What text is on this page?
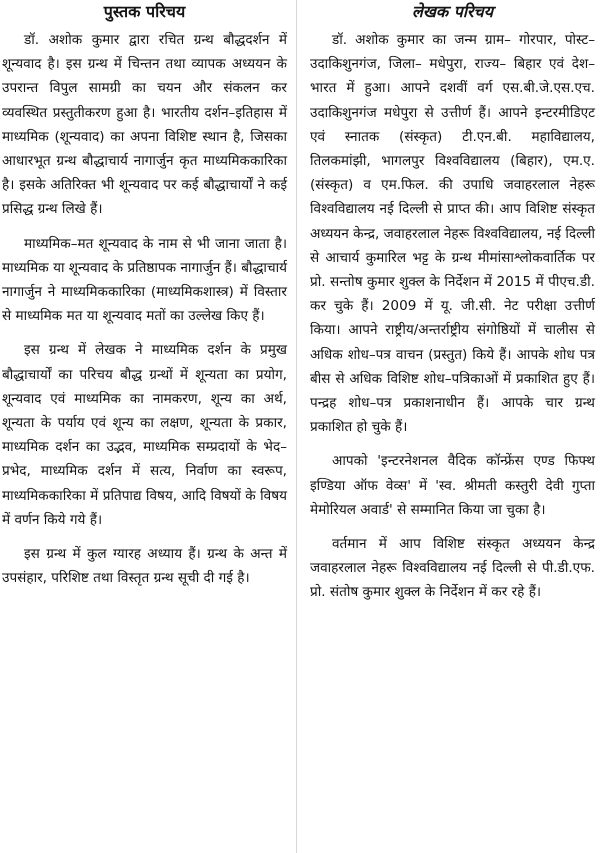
पुस्तक परिचय

डॉ. अशोक कुमार द्वारा रचित ग्रन्थ बौद्धदर्शन में शून्यवाद है। इस ग्रन्थ में चिन्तन तथा व्यापक अध्ययन के उपरान्त विपुल सामग्री का चयन और संकलन कर व्यवस्थित प्रस्तुतीकरण हुआ है। भारतीय दर्शन–इतिहास में माध्यमिक (शून्यवाद) का अपना विशिष्ट स्थान है, जिसका आधारभूत ग्रन्थ बौद्धाचार्य नागार्जुन कृत माध्यमिककारिका है। इसके अतिरिक्त भी शून्यवाद पर कई बौद्धाचार्यों ने कई प्रसिद्ध ग्रन्थ लिखे हैं।

माध्यमिक–मत शून्यवाद के नाम से भी जाना जाता है। माध्यमिक या शून्यवाद के प्रतिष्ठापक नागार्जुन हैं। बौद्धाचार्य नागार्जुन ने माध्यमिककारिका (माध्यमिकशास्त्र) में विस्तार से माध्यमिक मत या शून्यवाद मतों का उल्लेख किए हैं।

इस ग्रन्थ में लेखक ने माध्यमिक दर्शन के प्रमुख बौद्धाचार्यों का परिचय बौद्ध ग्रन्थों में शून्यता का प्रयोग, शून्यवाद एवं माध्यमिक का नामकरण, शून्य का अर्थ, शून्यता के पर्याय एवं शून्य का लक्षण, शून्यता के प्रकार, माध्यमिक दर्शन का उद्भव, माध्यमिक सम्प्रदायों के भेद–प्रभेद, माध्यमिक दर्शन में सत्य, निर्वाण का स्वरूप, माध्यमिककारिका में प्रतिपाद्य विषय, आदि विषयों के विषय में वर्णन किये गये हैं।

इस ग्रन्थ में कुल ग्यारह अध्याय हैं। ग्रन्थ के अन्त में उपसंहार, परिशिष्ट तथा विस्तृत ग्रन्थ सूची दी गई है।

लेखक परिचय

डॉ. अशोक कुमार का जन्म ग्राम– गोरपार, पोस्ट– उदाकिशुनगंज, जिला– मधेपुरा, राज्य– बिहार एवं देश– भारत में हुआ। आपने दशवीं वर्ग एस.बी.जे.एस.एच. उदाकिशुनगंज मधेपुरा से उत्तीर्ण हैं। आपने इन्टरमीडिएट एवं स्नातक (संस्कृत) टी.एन.बी. महाविद्यालय, तिलकमांझी, भागलपुर विश्वविद्यालय (बिहार), एम.ए. (संस्कृत) व एम.फिल. की उपाधि जवाहरलाल नेहरू विश्वविद्यालय नई दिल्ली से प्राप्त की। आप विशिष्ट संस्कृत अध्ययन केन्द्र, जवाहरलाल नेहरू विश्वविद्यालय, नई दिल्ली से आचार्य कुमारिल भट्ट के ग्रन्थ मीमांसाश्लोकवार्तिक पर प्रो. सन्तोष कुमार शुक्ल के निर्देशन में 2015 में पीएच.डी. कर चुके हैं। 2009 में यू. जी.सी. नेट परीक्षा उत्तीर्ण किया। आपने राष्ट्रीय/अन्तर्राष्ट्रीय संगोष्ठियों में चालीस से अधिक शोध–पत्र वाचन (प्रस्तुत) किये हैं। आपके शोध पत्र बीस से अधिक विशिष्ट शोध–पत्रिकाओं में प्रकाशित हुए हैं। पन्द्रह शोध–पत्र प्रकाशनाधीन हैं। आपके चार ग्रन्थ प्रकाशित हो चुके हैं।

आपको 'इन्टरनेशनल वैदिक कॉन्फ्रेंस एण्ड फिफ्थ इण्डिया ऑफ वेव्स' में 'स्व. श्रीमती कस्तुरी देवी गुप्ता मेमोरियल अवार्ड' से सम्मानित किया जा चुका है।

वर्तमान में आप विशिष्ट संस्कृत अध्ययन केन्द्र जवाहरलाल नेहरू विश्वविद्यालय नई दिल्ली से पी.डी.एफ. प्रो. संतोष कुमार शुक्ल के निर्देशन में कर रहे हैं।
